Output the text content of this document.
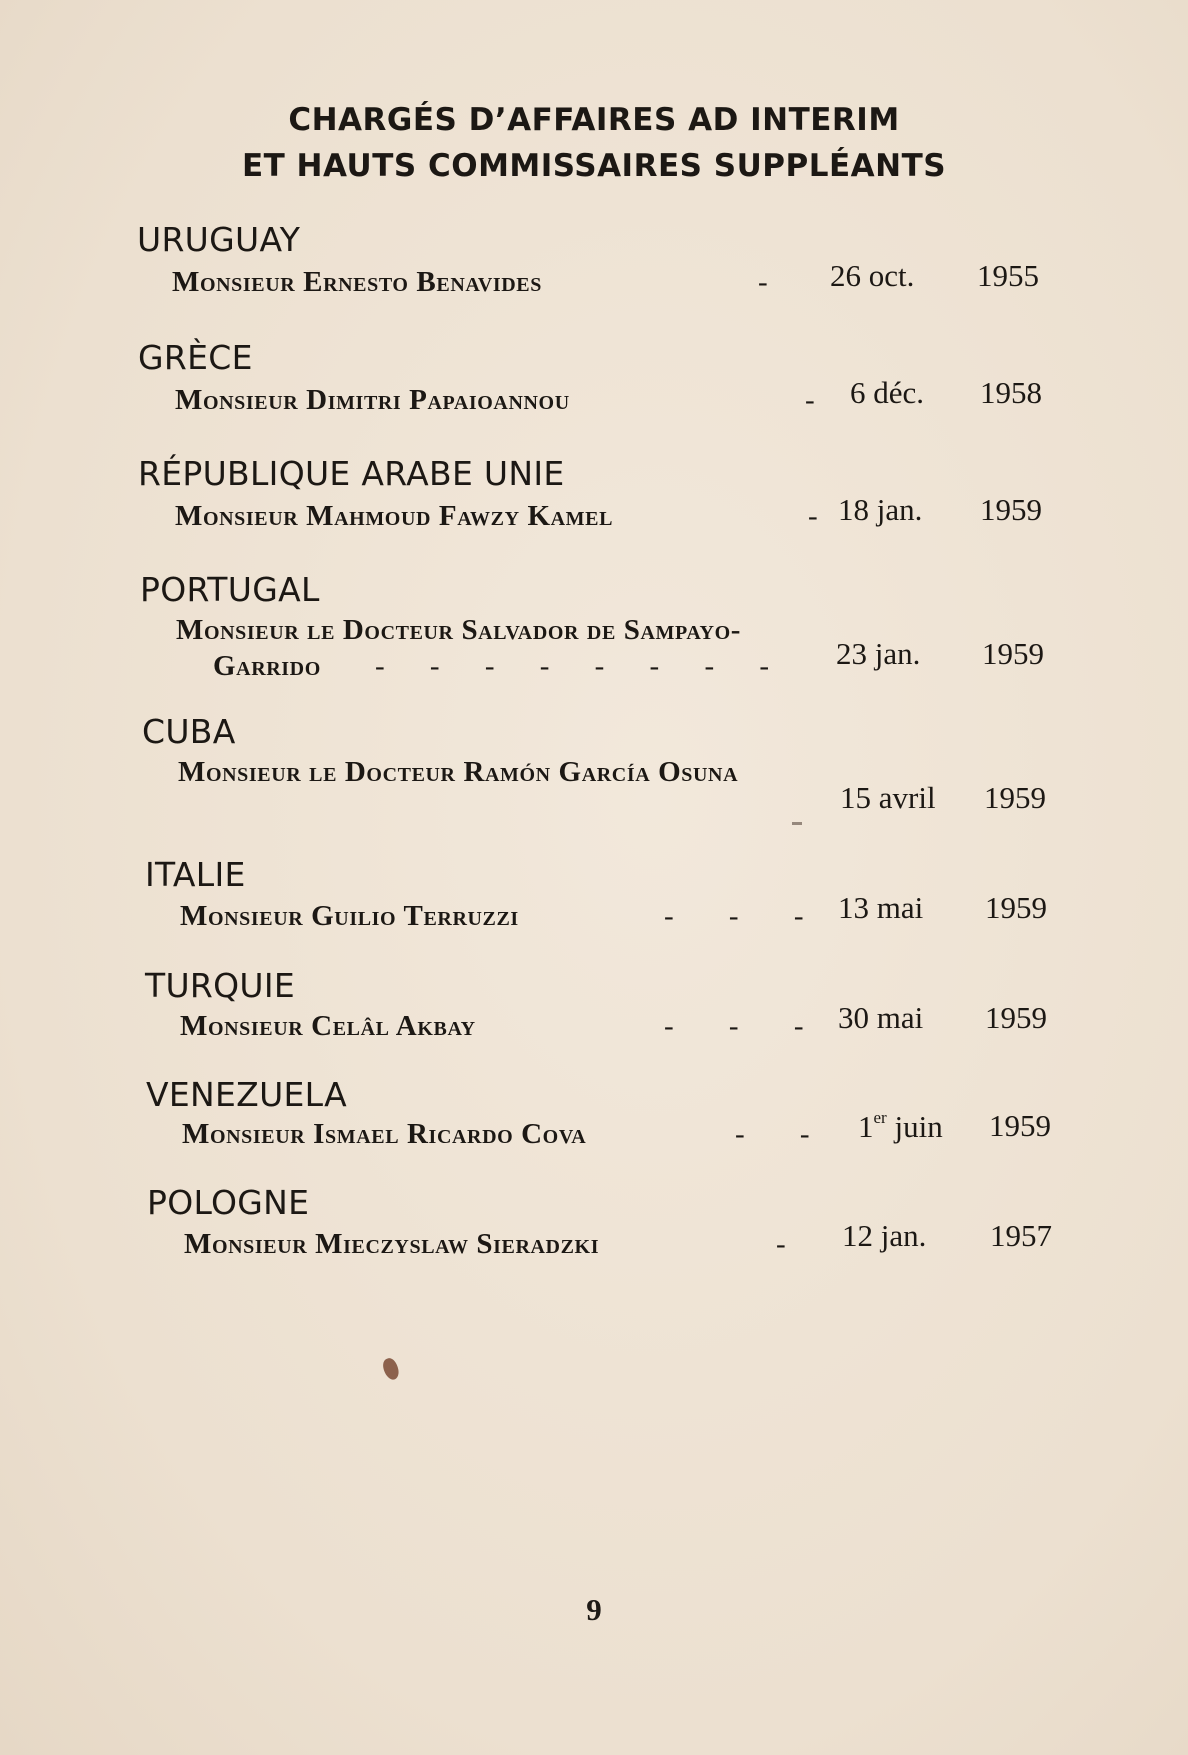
CHARGÉS D’AFFAIRES AD INTERIM
ET HAUTS COMMISSAIRES SUPPLÉANTS
URUGUAY
Monsieur Ernesto Benavides	- 26 oct. 1955
GRÈCE
Monsieur Dimitri Papaioannou	- 6 déc. 1958
RÉPUBLIQUE ARABE UNIE
Monsieur Mahmoud Fawzy Kamel	- 18 jan. 1959
PORTUGAL
Monsieur le Docteur Salvador de Sampayo-
Garrido - - - - - - - - 23 jan. 1959
CUBA
Monsieur le Docteur Ramón García Osuna
15 avril 1959
ITALIE
Monsieur Guilio Terruzzi	- - - 13 mai 1959
TURQUIE
Monsieur Celâl Akbay	- - - 30 mai 1959
VENEZUELA
Monsieur Ismael Ricardo Cova	- - 1er juin 1959
POLOGNE
Monsieur Mieczyslaw Sieradzki	- 12 jan. 1957
9
